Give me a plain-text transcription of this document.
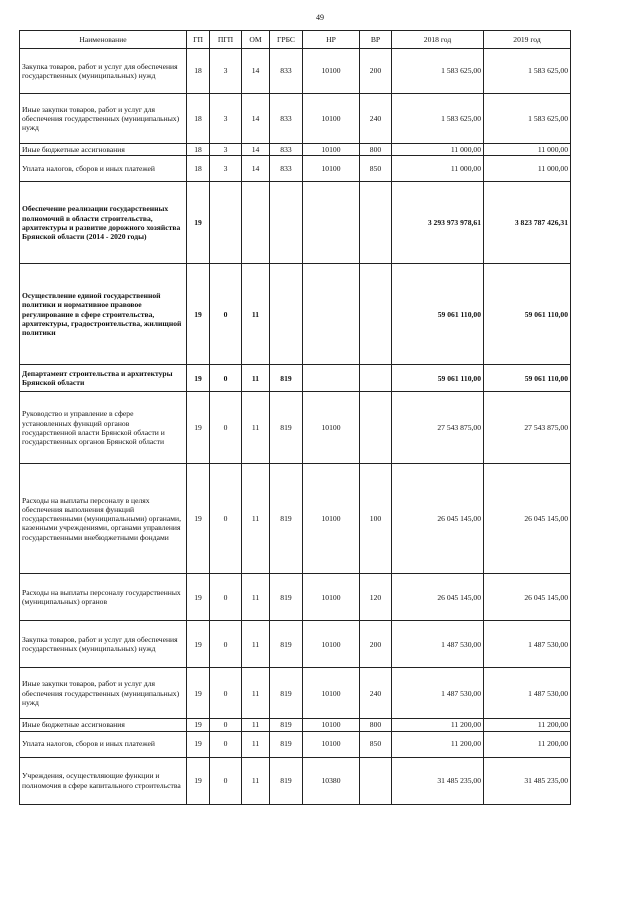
49
Наименование	ГП	ПГП	ОМ	ГРБС	НР	ВР	2018 год	2019 год
Закупка товаров, работ и услуг для обеспечения государственных (муниципальных) нужд	18	3	14	833	10100	200	1 583 625,00	1 583 625,00
Иные закупки товаров, работ и услуг для обеспечения государственных (муниципальных) нужд	18	3	14	833	10100	240	1 583 625,00	1 583 625,00
Иные бюджетные ассигнования	18	3	14	833	10100	800	11 000,00	11 000,00
Уплата налогов, сборов и иных платежей	18	3	14	833	10100	850	11 000,00	11 000,00
Обеспечение реализации государственных полномочий в области строительства, архитектуры и развитие дорожного хозяйства Брянской области (2014 - 2020 годы)	19						3 293 973 978,61	3 823 787 426,31
Осуществление единой государственной политики и нормативное правовое регулирование в сфере строительства, архитектуры, градостроительства, жилищной политики	19	0	11				59 061 110,00	59 061 110,00
Департамент строительства и архитектуры Брянской области	19	0	11	819			59 061 110,00	59 061 110,00
Руководство и управление в сфере установленных функций органов государственной власти Брянской области и государственных органов Брянской области	19	0	11	819	10100		27 543 875,00	27 543 875,00
Расходы на выплаты персоналу в целях обеспечения выполнения функций государственными (муниципальными) органами, казенными учреждениями, органами управления государственными внебюджетными фондами	19	0	11	819	10100	100	26 045 145,00	26 045 145,00
Расходы на выплаты персоналу государственных (муниципальных) органов	19	0	11	819	10100	120	26 045 145,00	26 045 145,00
Закупка товаров, работ и услуг для обеспечения государственных (муниципальных) нужд	19	0	11	819	10100	200	1 487 530,00	1 487 530,00
Иные закупки товаров, работ и услуг для обеспечения государственных (муниципальных) нужд	19	0	11	819	10100	240	1 487 530,00	1 487 530,00
Иные бюджетные ассигнования	19	0	11	819	10100	800	11 200,00	11 200,00
Уплата налогов, сборов и иных платежей	19	0	11	819	10100	850	11 200,00	11 200,00
Учреждения, осуществляющие функции и полномочия в сфере капитального строительства	19	0	11	819	10380		31 485 235,00	31 485 235,00
